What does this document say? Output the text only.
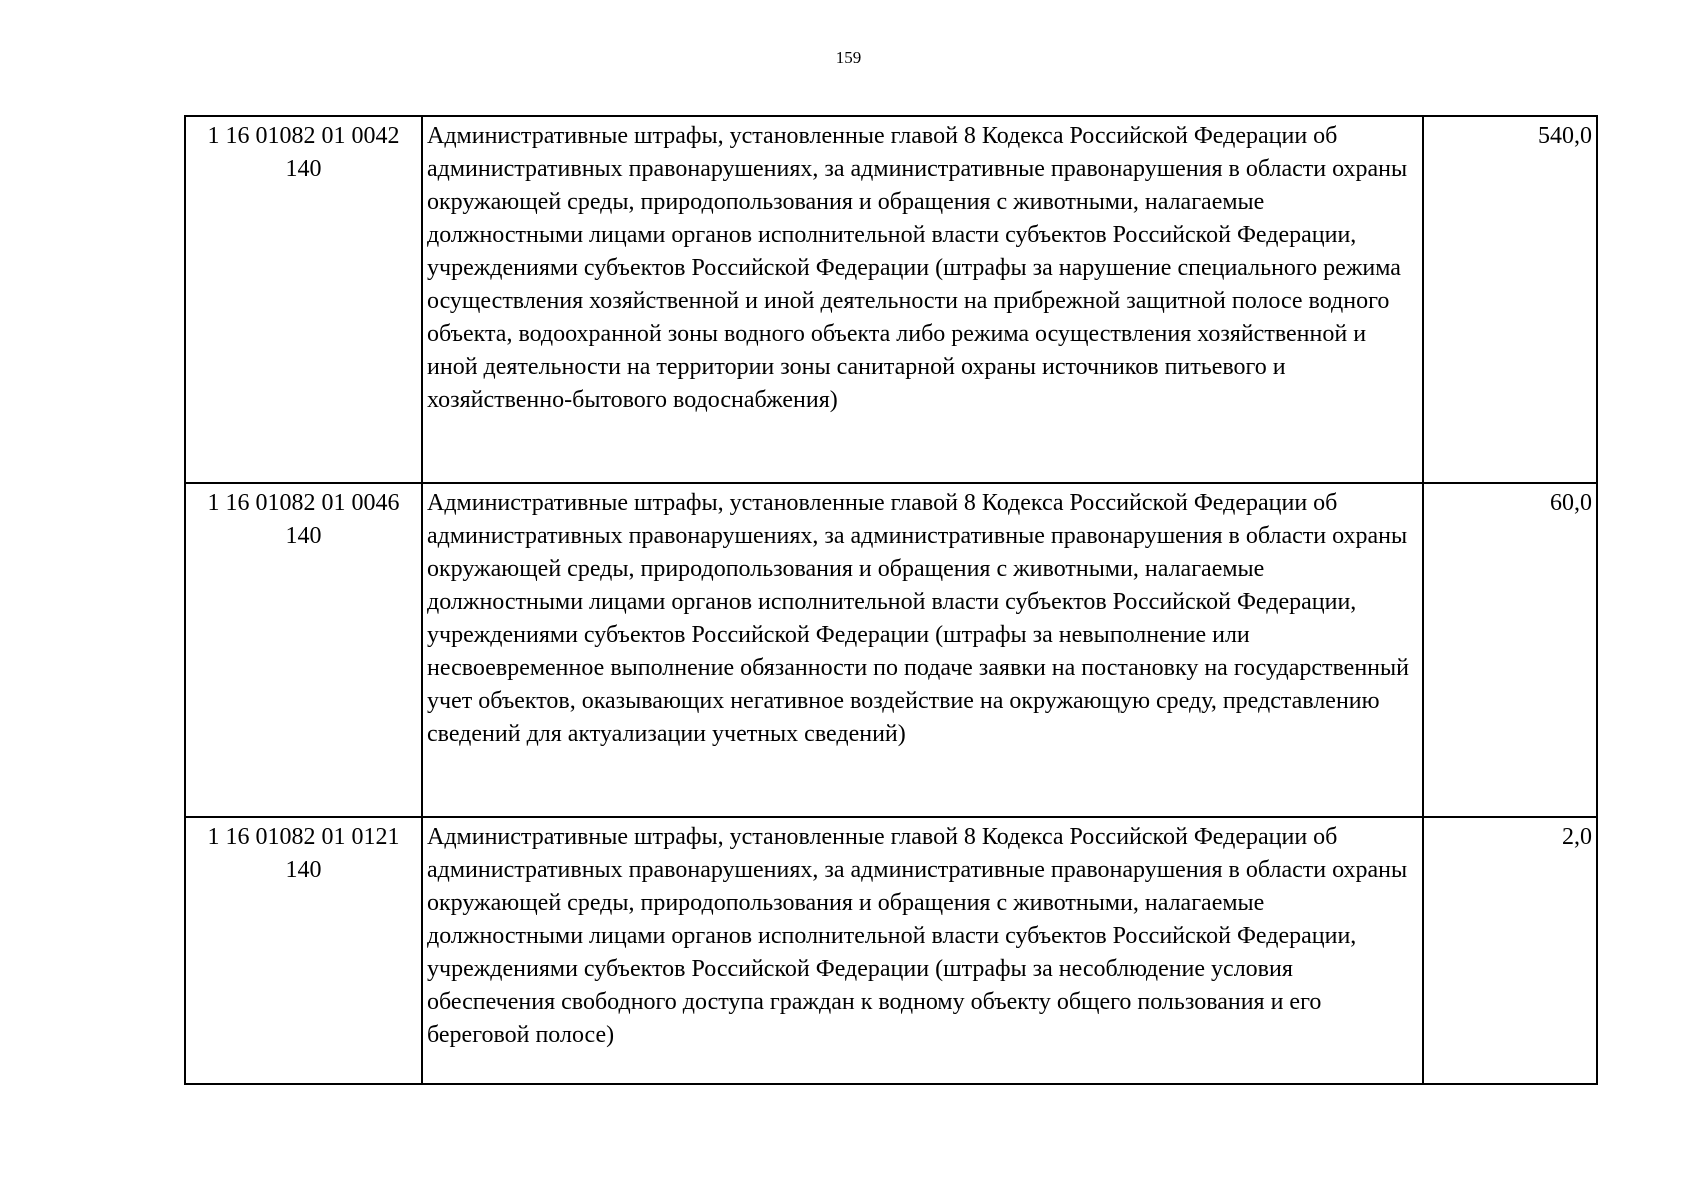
159
1 16 01082 01 0042
140	Административные штрафы, установленные главой 8 Кодекса Российской Федерации об административных правонарушениях, за административные правонарушения в области охраны окружающей среды, природопользования и обращения с животными, налагаемые должностными лицами органов исполнительной власти субъектов Российской Федерации, учреждениями субъектов Российской Федерации (штрафы за нарушение специального режима осуществления хозяйственной и иной деятельности на прибрежной защитной полосе водного объекта, водоохранной зоны водного объекта либо режима осуществления хозяйственной и иной деятельности на территории зоны санитарной охраны источников питьевого и хозяйственно-бытового водоснабжения)	540,0
1 16 01082 01 0046
140	Административные штрафы, установленные главой 8 Кодекса Российской Федерации об административных правонарушениях, за административные правонарушения в области охраны окружающей среды, природопользования и обращения с животными, налагаемые должностными лицами органов исполнительной власти субъектов Российской Федерации, учреждениями субъектов Российской Федерации (штрафы за невыполнение или несвоевременное выполнение обязанности по подаче заявки на постановку на государственный учет объектов, оказывающих негативное воздействие на окружающую среду, представлению сведений для актуализации учетных сведений)	60,0
1 16 01082 01 0121
140	Административные штрафы, установленные главой 8 Кодекса Российской Федерации об административных правонарушениях, за административные правонарушения в области охраны окружающей среды, природопользования и обращения с животными, налагаемые должностными лицами органов исполнительной власти субъектов Российской Федерации, учреждениями субъектов Российской Федерации (штрафы за несоблюдение условия обеспечения свободного доступа граждан к водному объекту общего пользования и его береговой полосе)	2,0
